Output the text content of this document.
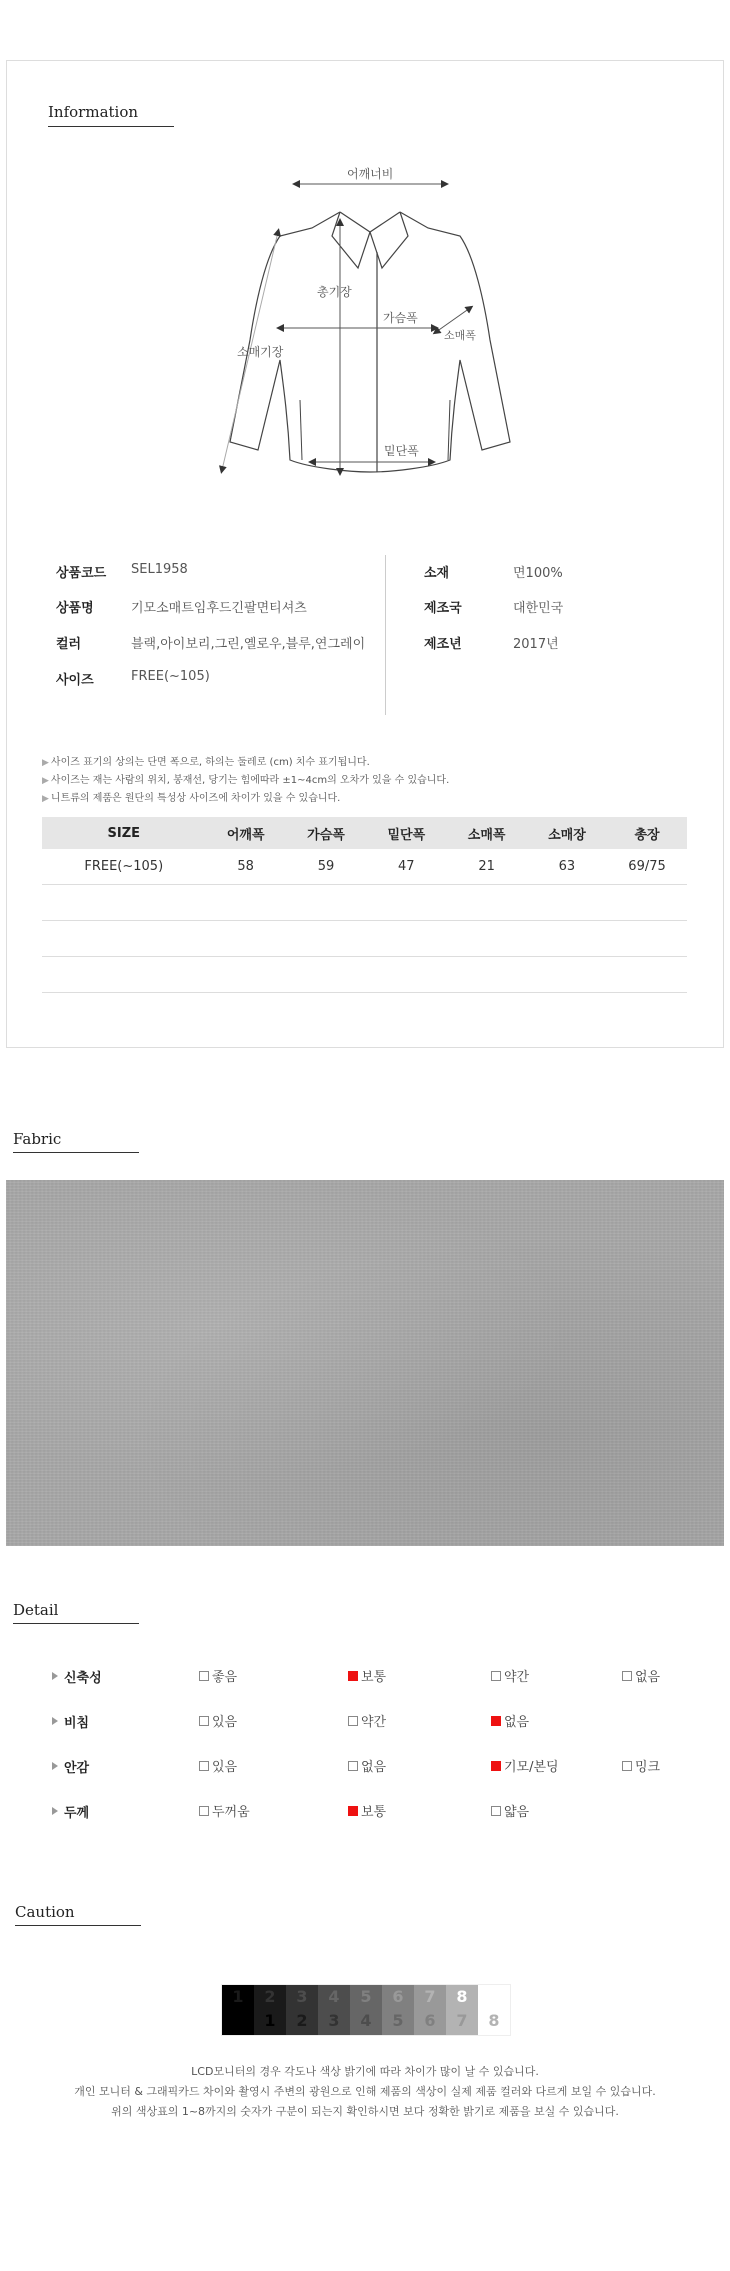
Information
어깨너비
총기장
가슴폭
소매기장
소매폭
밑단폭
상품코드 SEL1958
상품명	기모소매트임후드긴팔면티셔츠
컬러	블랙,아이보리,그린,옐로우,블루,연그레이
사이즈	FREE(~105)
소재	면100%
제조국	대한민국
제조년	2017년
▶ 사이즈 표기의 상의는 단면 폭으로, 하의는 둘레로 (cm) 치수 표기됩니다.
▶ 사이즈는 재는 사람의 위치, 봉재선, 당기는 힘에따라 ±1~4cm의 오차가 있을 수 있습니다.
▶ 니트류의 제품은 원단의 특성상 사이즈에 차이가 있을 수 있습니다.
SIZE	어깨폭	가슴폭	밑단폭	소매폭	소매장	총장
FREE(~105)	58	59	47	21	63	69/75

Fabric
Detail
신축성	좋음	보통	약간	없음
비침	있음	약간	없음
안감	있음	없음	기모/본딩	밍크
두께	두꺼움	보통	얇음
Caution
1	2
1
3
2
4
3
5
4
6
5
7
6
8
7	8
LCD모니터의 경우 각도나 색상 밝기에 따라 차이가 많이 날 수 있습니다.
개인 모니터 & 그래픽카드 차이와 촬영시 주변의 광원으로 인해 제품의 색상이 실제 제품 컬러와 다르게 보일 수 있습니다.
위의 색상표의 1~8까지의 숫자가 구분이 되는지 확인하시면 보다 정확한 밝기로 제품을 보실 수 있습니다.
